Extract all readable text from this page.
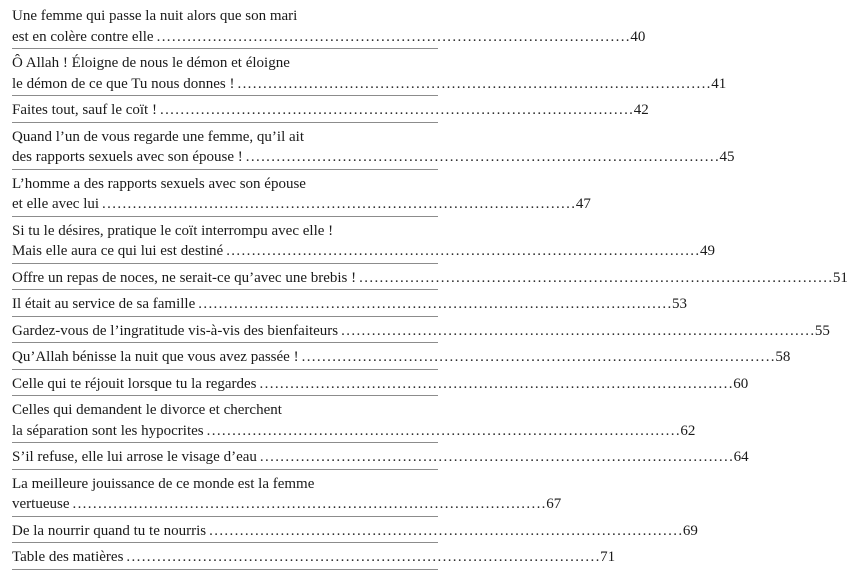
Une femme qui passe la nuit alors que son mari
est en colère contre elle . . .	40
Ô Allah ! Éloigne de nous le démon et éloigne
le démon de ce que Tu nous donnes ! . . .	41
Faites tout, sauf le coït ! . . .	42
Quand l’un de vous regarde une femme, qu’il ait
des rapports sexuels avec son épouse ! . . .	45
L’homme a des rapports sexuels avec son épouse
et elle avec lui . . .	47
Si tu le désires, pratique le coït interrompu avec elle !
Mais elle aura ce qui lui est destiné . . .	49
Offre un repas de noces, ne serait-ce qu’avec une brebis ! . . .	51
Il était au service de sa famille . . .	53
Gardez-vous de l’ingratitude vis-à-vis des bienfaiteurs . . .	55
Qu’Allah bénisse la nuit que vous avez passée ! . . .	58
Celle qui te réjouit lorsque tu la regardes . . .	60
Celles qui demandent le divorce et cherchent
la séparation sont les hypocrites . . .	62
S’il refuse, elle lui arrose le visage d’eau . . .	64
La meilleure jouissance de ce monde est la femme
vertueuse . . .	67
De la nourrir quand tu te nourris . . .	69
Table des matières . . .	71
